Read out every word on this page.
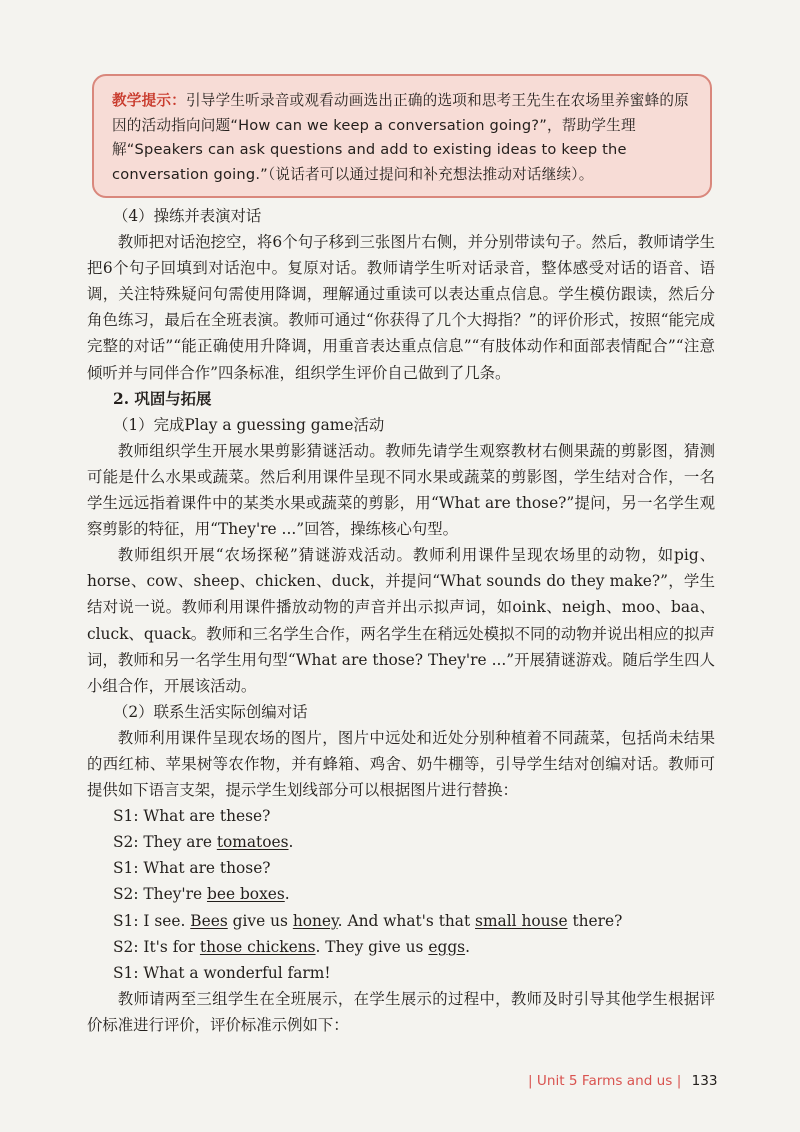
教学提示：引导学生听录音或观看动画选出正确的选项和思考王先生在农场里养蜜蜂的原因的活动指向问题“How can we keep a conversation going?”，帮助学生理解“Speakers can ask questions and add to existing ideas to keep the conversation going.”（说话者可以通过提问和补充想法推动对话继续）。

（4）操练并表演对话

教师把对话泡挖空，将6个句子移到三张图片右侧，并分别带读句子。然后，教师请学生把6个句子回填到对话泡中。复原对话。教师请学生听对话录音，整体感受对话的语音、语调，关注特殊疑问句需使用降调，理解通过重读可以表达重点信息。学生模仿跟读，然后分角色练习，最后在全班表演。教师可通过“你获得了几个大拇指？”的评价形式，按照“能完成完整的对话”“能正确使用升降调，用重音表达重点信息”“有肢体动作和面部表情配合”“注意倾听并与同伴合作”四条标准，组织学生评价自己做到了几条。

2. 巩固与拓展

（1）完成Play a guessing game活动

教师组织学生开展水果剪影猜谜活动。教师先请学生观察教材右侧果蔬的剪影图，猜测可能是什么水果或蔬菜。然后利用课件呈现不同水果或蔬菜的剪影图，学生结对合作，一名学生远远指着课件中的某类水果或蔬菜的剪影，用“What are those?”提问，另一名学生观察剪影的特征，用“They're ...”回答，操练核心句型。

教师组织开展“农场探秘”猜谜游戏活动。教师利用课件呈现农场里的动物，如pig、horse、cow、sheep、chicken、duck，并提问“What sounds do they make?”，学生结对说一说。教师利用课件播放动物的声音并出示拟声词，如oink、neigh、moo、baa、cluck、quack。教师和三名学生合作，两名学生在稍远处模拟不同的动物并说出相应的拟声词，教师和另一名学生用句型“What are those? They're ...”开展猜谜游戏。随后学生四人小组合作，开展该活动。

（2）联系生活实际创编对话

教师利用课件呈现农场的图片，图片中远处和近处分别种植着不同蔬菜，包括尚未结果的西红柿、苹果树等农作物，并有蜂箱、鸡舍、奶牛棚等，引导学生结对创编对话。教师可提供如下语言支架，提示学生划线部分可以根据图片进行替换：

S1: What are these?

S2: They are tomatoes.

S1: What are those?

S2: They're bee boxes.

S1: I see. Bees give us honey. And what's that small house there?

S2: It's for those chickens. They give us eggs.

S1: What a wonderful farm!

教师请两至三组学生在全班展示，在学生展示的过程中，教师及时引导其他学生根据评价标准进行评价，评价标准示例如下：

| Unit 5 Farms and us | 133
